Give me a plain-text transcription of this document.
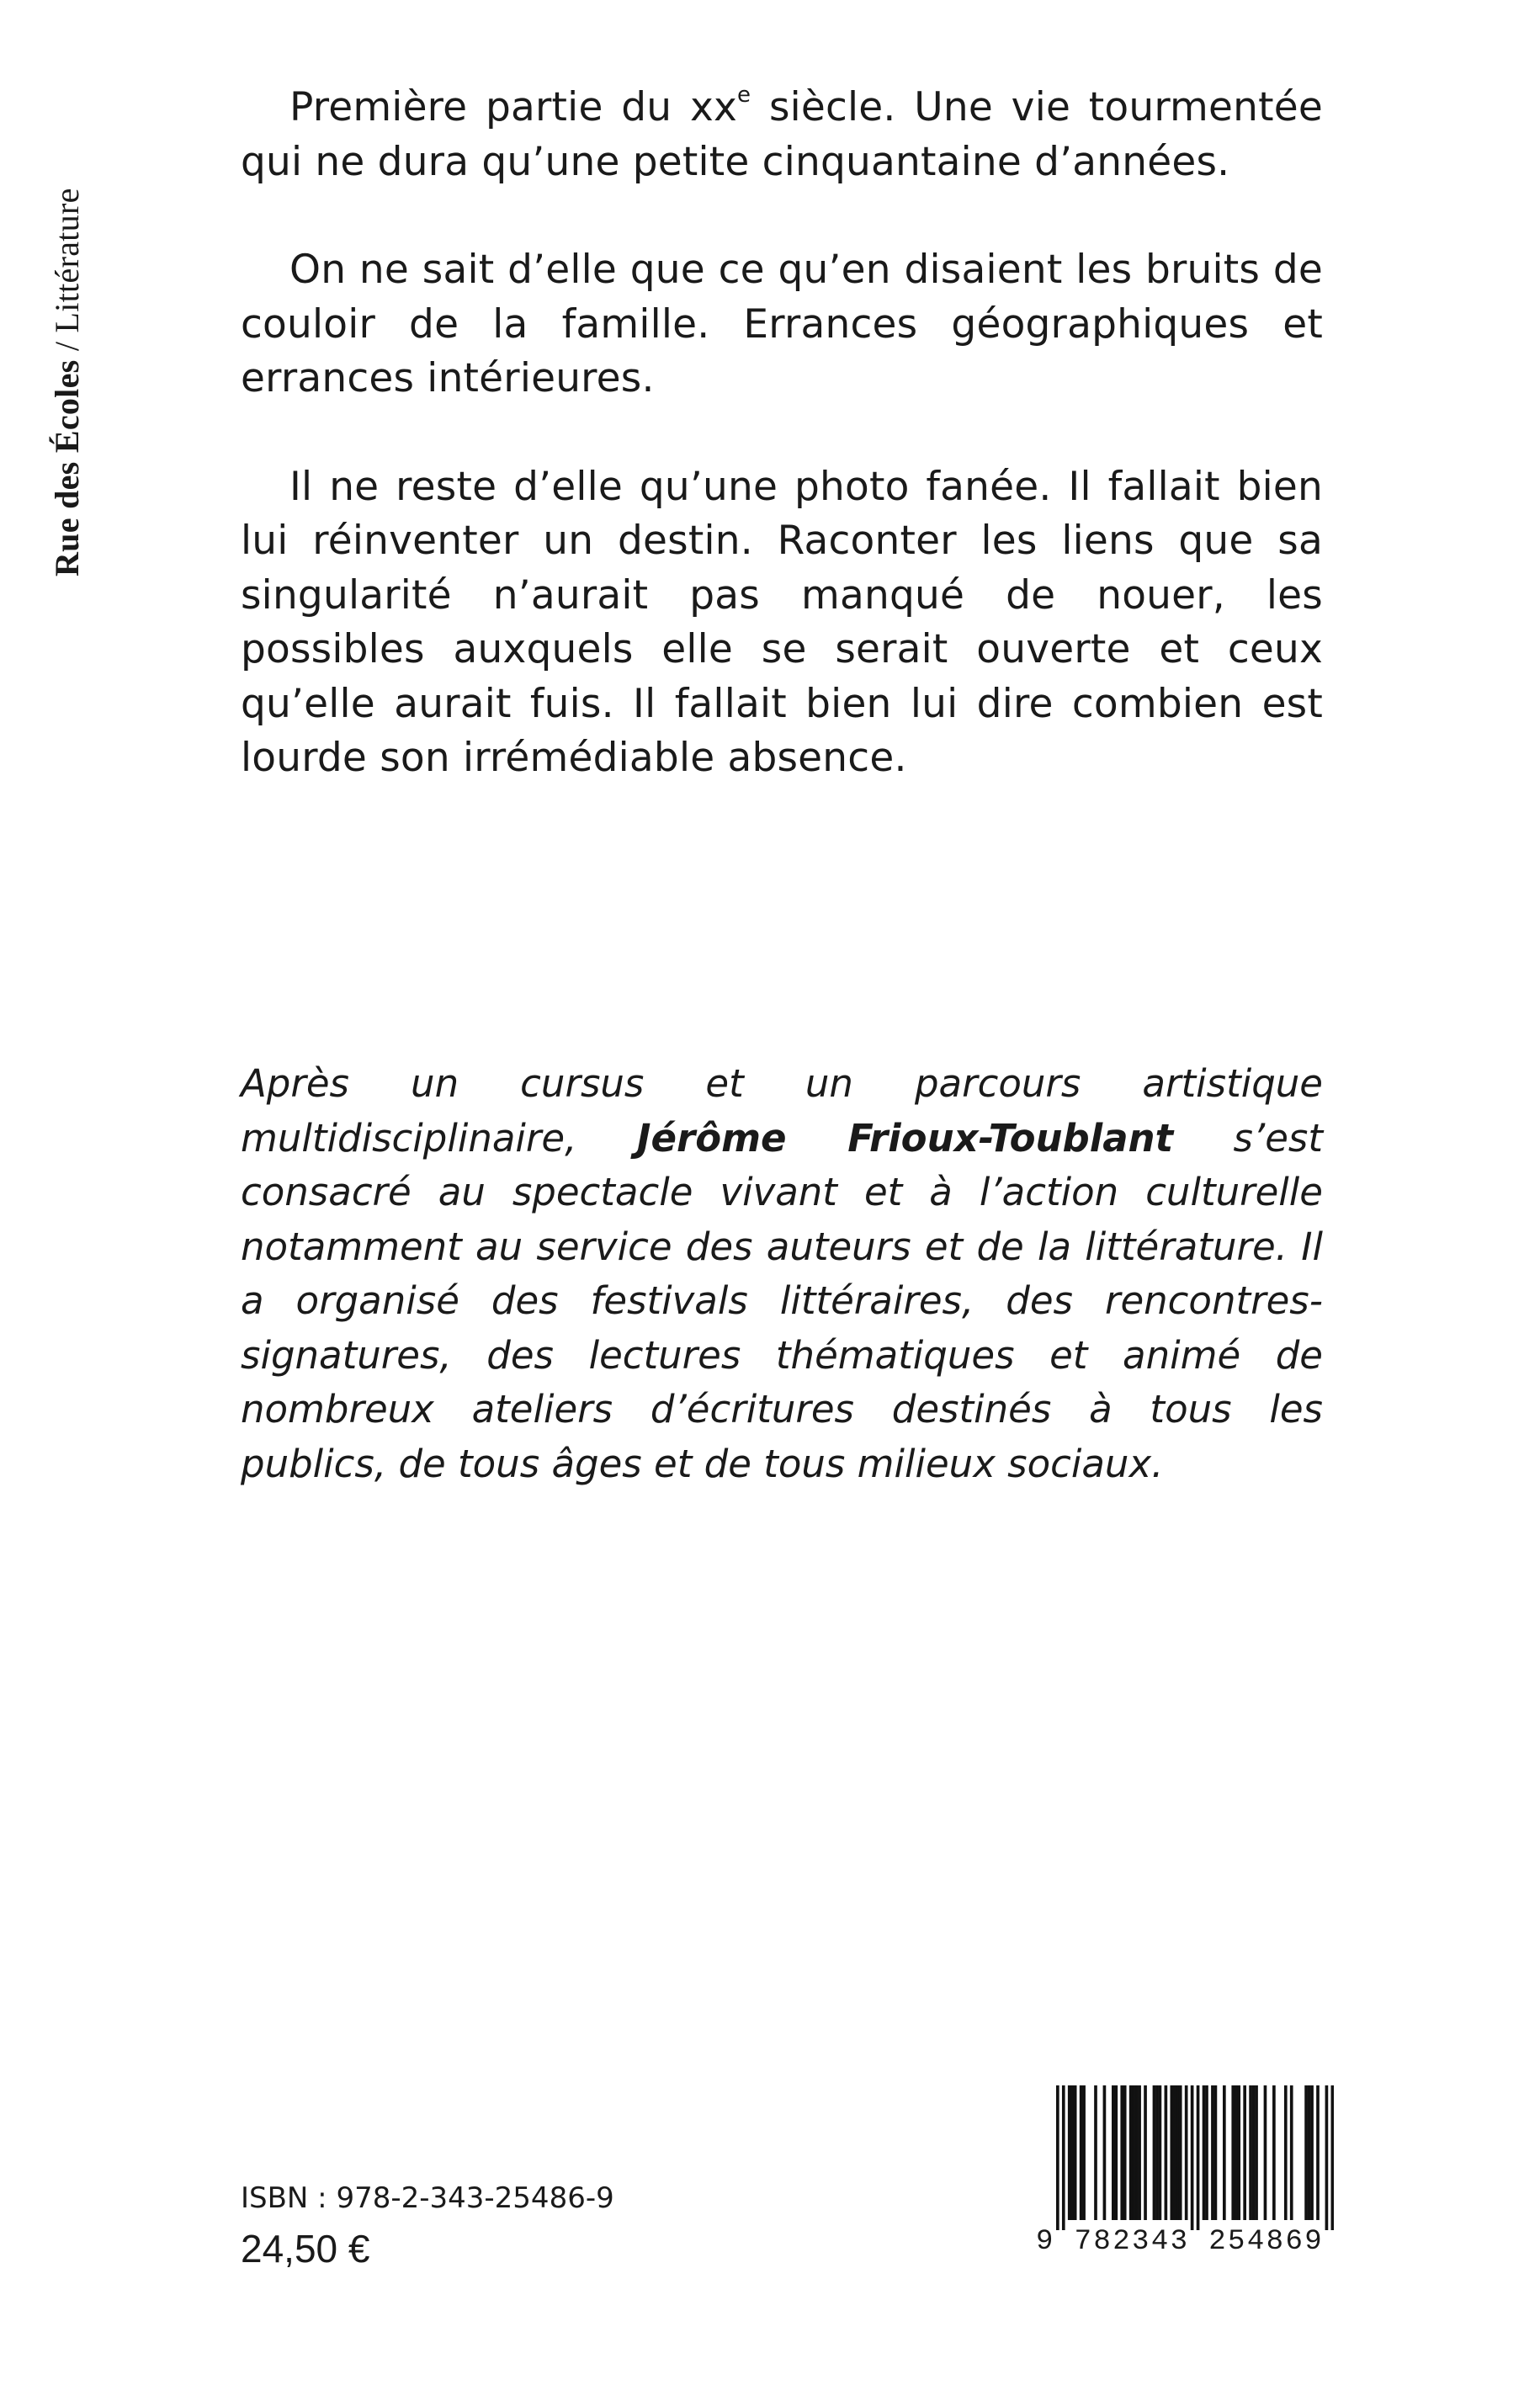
Rue des Écoles / Littérature

Première partie du $xx^e$ siècle. Une vie tourmentée qui ne dura qu’une petite cinquantaine d’années.

On ne sait d’elle que ce qu’en disaient les bruits de couloir de la famille. Errances géographiques et errances intérieures.

Il ne reste d’elle qu’une photo fanée. Il fallait bien lui réinventer un destin. Raconter les liens que sa singularité n’aurait pas manqué de nouer, les possibles auxquels elle se serait ouverte et ceux qu’elle aurait fuis. Il fallait bien lui dire combien est lourde son irrémédiable absence.

Après un cursus et un parcours artistique multidisciplinaire, Jérôme Frioux-Toublant s’est consacré au spectacle vivant et à l’action culturelle notamment au service des auteurs et de la littérature. Il a organisé des festivals littéraires, des rencontres-signatures, des lectures thématiques et animé de nombreux ateliers d’écritures destinés à tous les publics, de tous âges et de tous milieux sociaux.
ISBN : 978-2-343-25486-9
24,50 €	9 782343 254869
